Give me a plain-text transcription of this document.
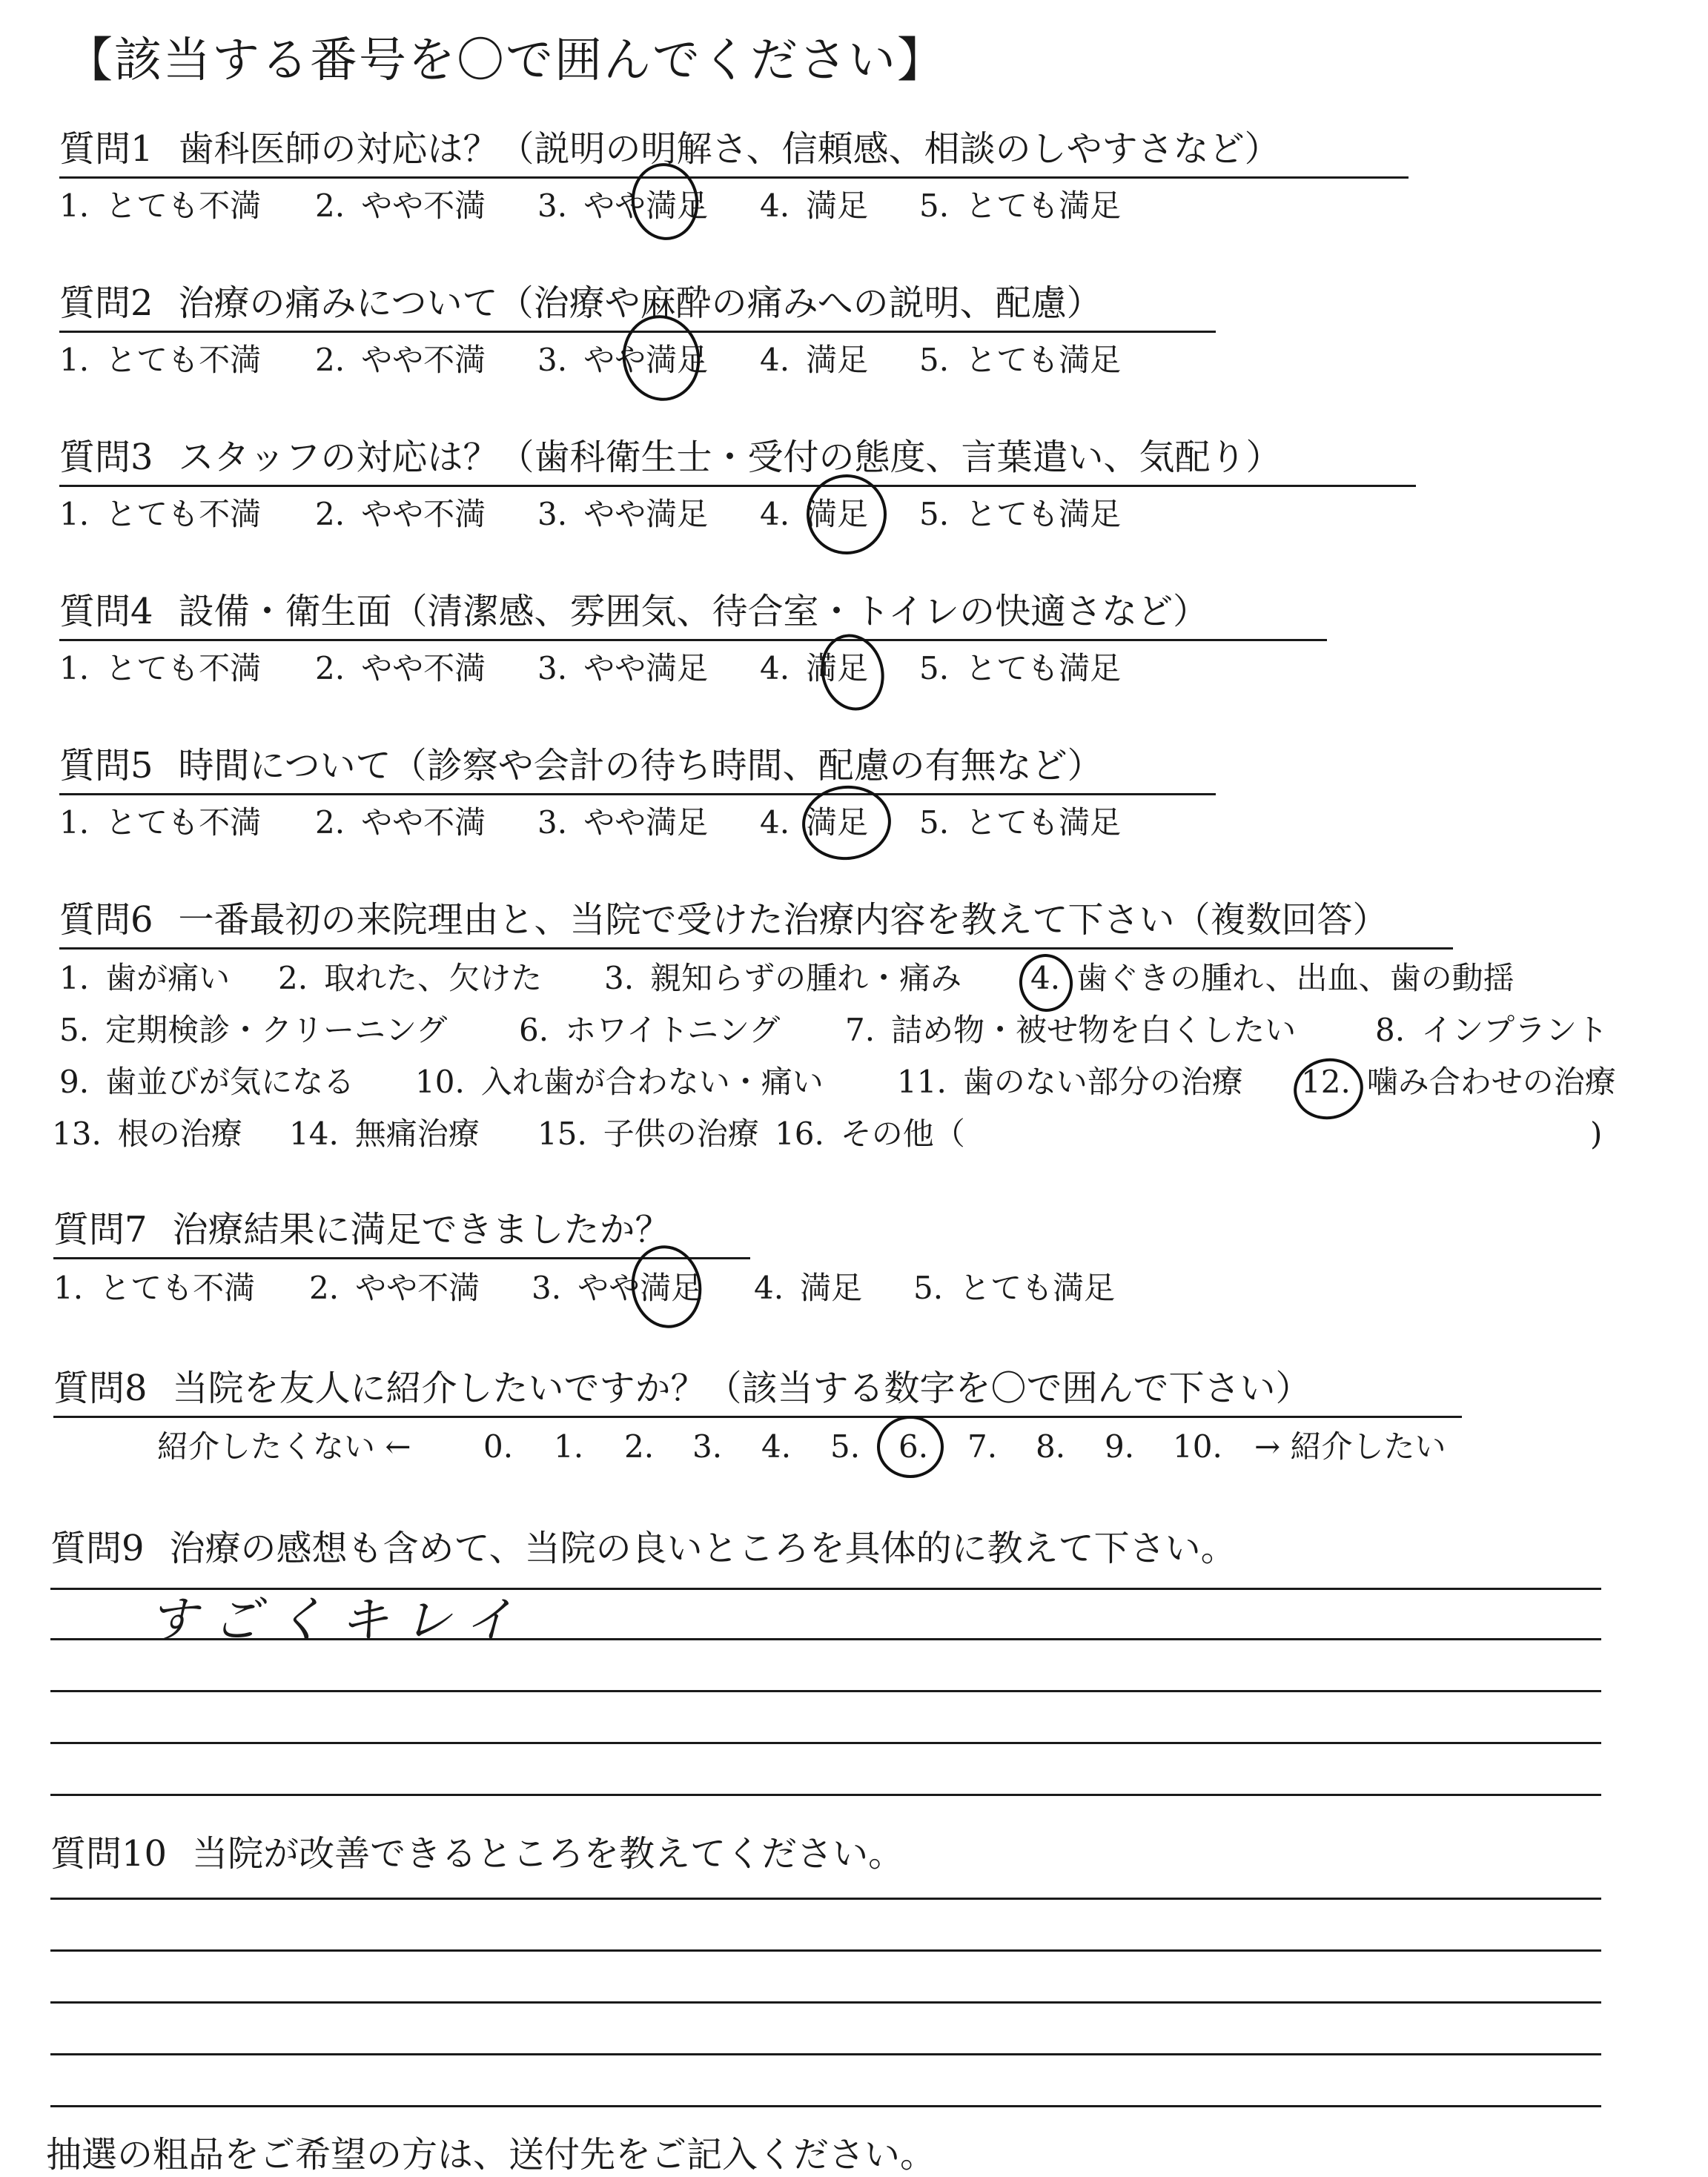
【該当する番号を〇で囲んでください】
質問1 歯科医師の対応は？（説明の明解さ、信頼感、相談のしやすさなど）
1. とても不満 2. やや不満 3. やや満足 4. 満足 5. とても満足
質問2 治療の痛みについて（治療や麻酔の痛みへの説明、配慮）
1. とても不満 2. やや不満 3. やや満足 4. 満足 5. とても満足
質問3 スタッフの対応は？（歯科衛生士・受付の態度、言葉遣い、気配り）
1. とても不満 2. やや不満 3. やや満足 4. 満足 5. とても満足
質問4 設備・衛生面（清潔感、雰囲気、待合室・トイレの快適さなど）
1. とても不満 2. やや不満 3. やや満足 4. 満足 5. とても満足
質問5 時間について（診察や会計の待ち時間、配慮の有無など）
1. とても不満 2. やや不満 3. やや満足 4. 満足 5. とても満足
質問6 一番最初の来院理由と、当院で受けた治療内容を教えて下さい（複数回答）
1. 歯が痛い 2. 取れた、欠けた 3. 親知らずの腫れ・痛み 4. 歯ぐきの腫れ、出血、歯の動揺
5. 定期検診・クリーニング 6. ホワイトニング 7. 詰め物・被せ物を白くしたい	8. インプラント
9. 歯並びが気になる 10. 入れ歯が合わない・痛い 11. 歯のない部分の治療 12. 噛み合わせの治療
13. 根の治療 14. 無痛治療 15. 子供の治療 16. その他（	)
質問7 治療結果に満足できましたか？
1. とても不満 2. やや不満 3. やや満足 4. 満足 5. とても満足
質問8 当院を友人に紹介したいですか？（該当する数字を〇で囲んで下さい）
紹介したくない ← 0. 1. 2. 3. 4. 5. 6. 7. 8. 9. 10. → 紹介したい
質問9 治療の感想も含めて、当院の良いところを具体的に教えて下さい。
すごくキレイ
質問10 当院が改善できるところを教えてください。
抽選の粗品をご希望の方は、送付先をご記入ください。
